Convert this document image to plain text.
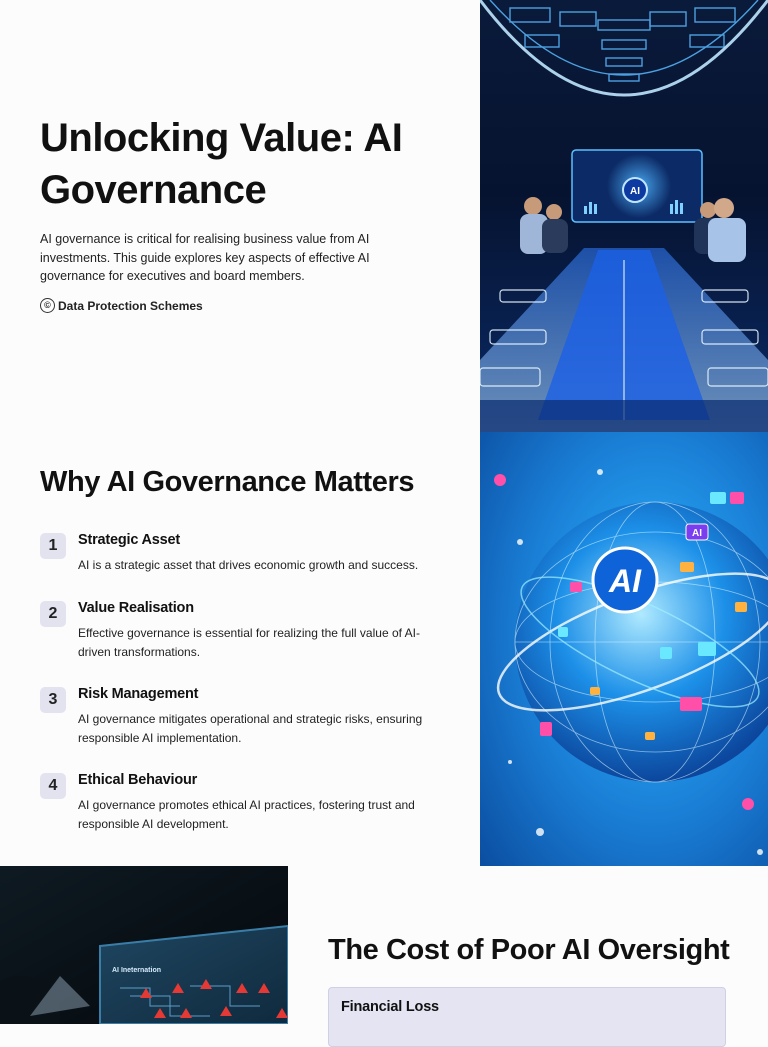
Unlocking Value: AI Governance

AI governance is critical for realising business value from AI investments. This guide explores key aspects of effective AI governance for executives and board members.

© Data Protection Schemes
AI
AI
AI
Why AI Governance Matters
1	Strategic Asset

AI is a strategic asset that drives economic growth and success.

2	Value Realisation

Effective governance is essential for realizing the full value of AI-driven transformations.

3	Risk Management

AI governance mitigates operational and strategic risks, ensuring responsible AI implementation.

4	Ethical Behaviour

AI governance promotes ethical AI practices, fostering trust and responsible AI development.

AI Ineternation
The Cost of Poor AI Oversight
Financial Loss
